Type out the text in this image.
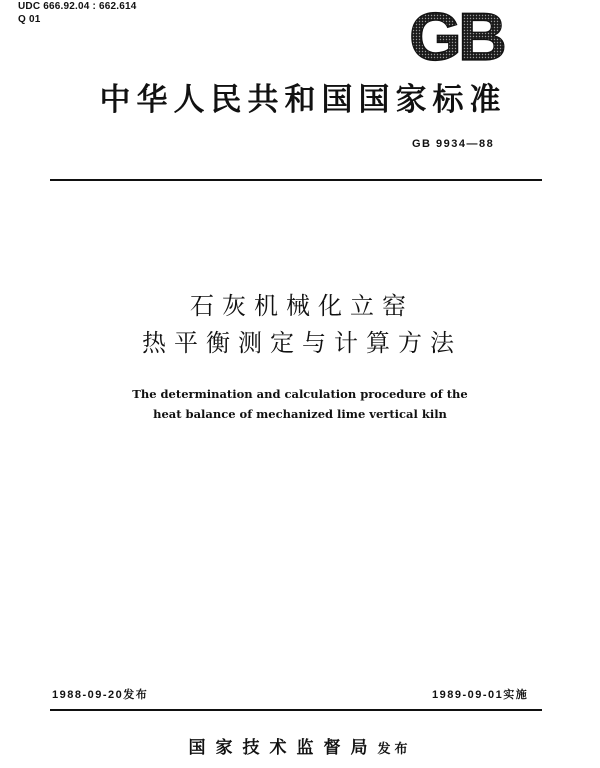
UDC 666.92.04 : 662.614
Q 01	GB
中华人民共和国国家标准
GB 9934—88
石灰机械化立窑
热平衡测定与计算方法
The determination and calculation procedure of the
heat balance of mechanized lime vertical kiln
1988-09-20发布	1989-09-01实施
国家技术监督局发布
